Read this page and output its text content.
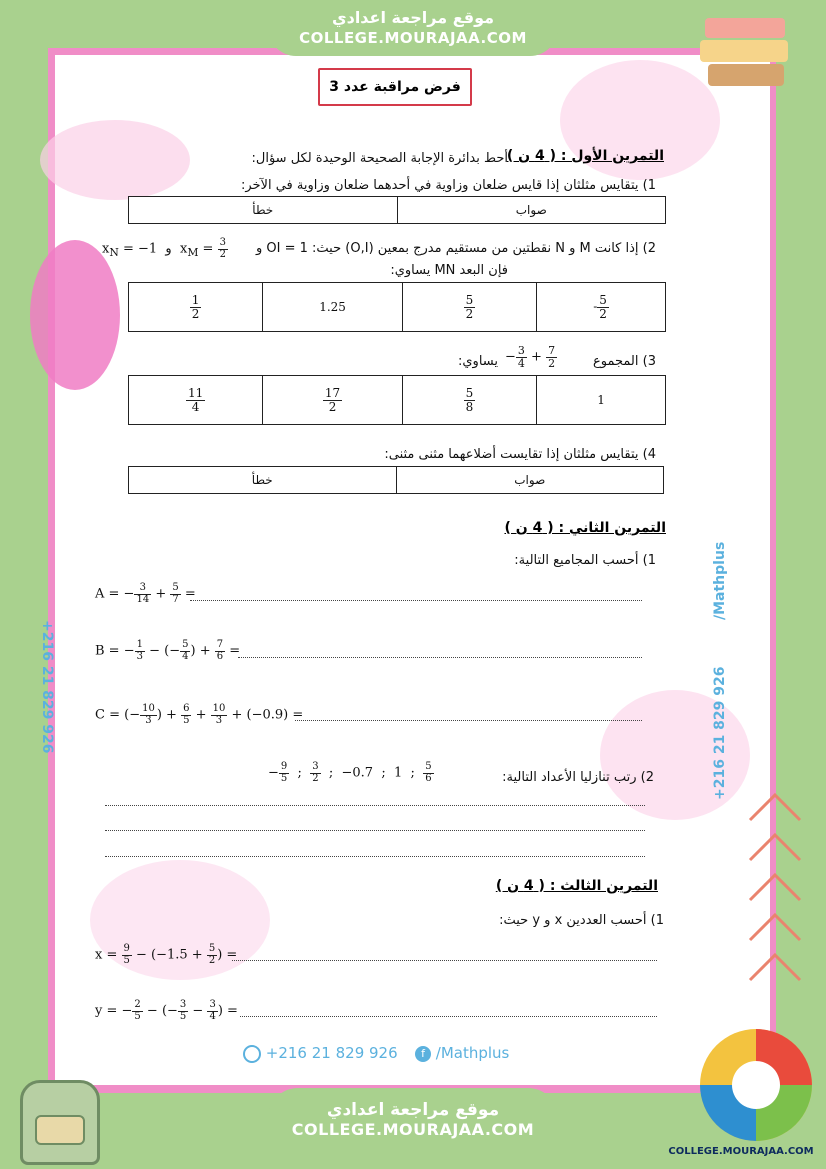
موقع مراجعة اعدادي
COLLEGE.MOURAJAA.COM
+216 21 829 926
/Mathplus
+216 21 829 926
فرض مراقبة عدد 3
التمرين الأول : ( 4 ن )
أحط بدائرة الإجابة الصحيحة الوحيدة لكل سؤال:
1) يتقايس مثلثان إذا قايس ضلعان وزاوية في أحدهما ضلعان وزاوية في الآخر:
خطأ	صواب
2) إذا كانت M و N نقطتين من مستقيم مدرج بمعين (O,I) حيث: OI = 1 و
$x_N = -1$  و  $x_M = \frac{3}{2}$
فإن البعد MN يساوي:
$\frac{1}{2}$	1.25	$\frac{5}{2}$	- $\frac{5}{2}$
3) المجموع
− $\frac{3}{4} + \frac{7}{2}$
يساوي:
$\frac{11}{4}$	$\frac{17}{2}$	$\frac{5}{8}$	1
4) يتقايس مثلثان إذا تقايست أضلاعهما مثنى مثنى:
خطأ	صواب
التمرين الثاني : ( 4 ن )
1) أحسب المجاميع التالية:
A = − $\frac{3}{14} + \frac{5}{7}$ =
B = − $\frac{1}{3}$ − (− $\frac{5}{4}$ ) + $\frac{7}{6}$ =
C = (− $\frac{10}{3}$ ) + $\frac{6}{5} + \frac{10}{3} + (-0.9)$ =
2) رتب تنازليا الأعداد التالية:
− $\frac{9}{5}$ ; $\frac{3}{2}$ ;  −0.7  ;  1  ; $\frac{5}{6}$
التمرين الثالث : ( 4 ن )
1) أحسب العددين x و y حيث:
$x = \frac{9}{5} - (-1.5 + \frac{5}{2}$ ) =
y = − $\frac{2}{5}$ − (− $\frac{3}{5} - \frac{3}{4}$ ) =
+216 21 829 926	f /Mathplus
موقع مراجعة اعدادي
COLLEGE.MOURAJAA.COM
COLLEGE.MOURAJAA.COM
